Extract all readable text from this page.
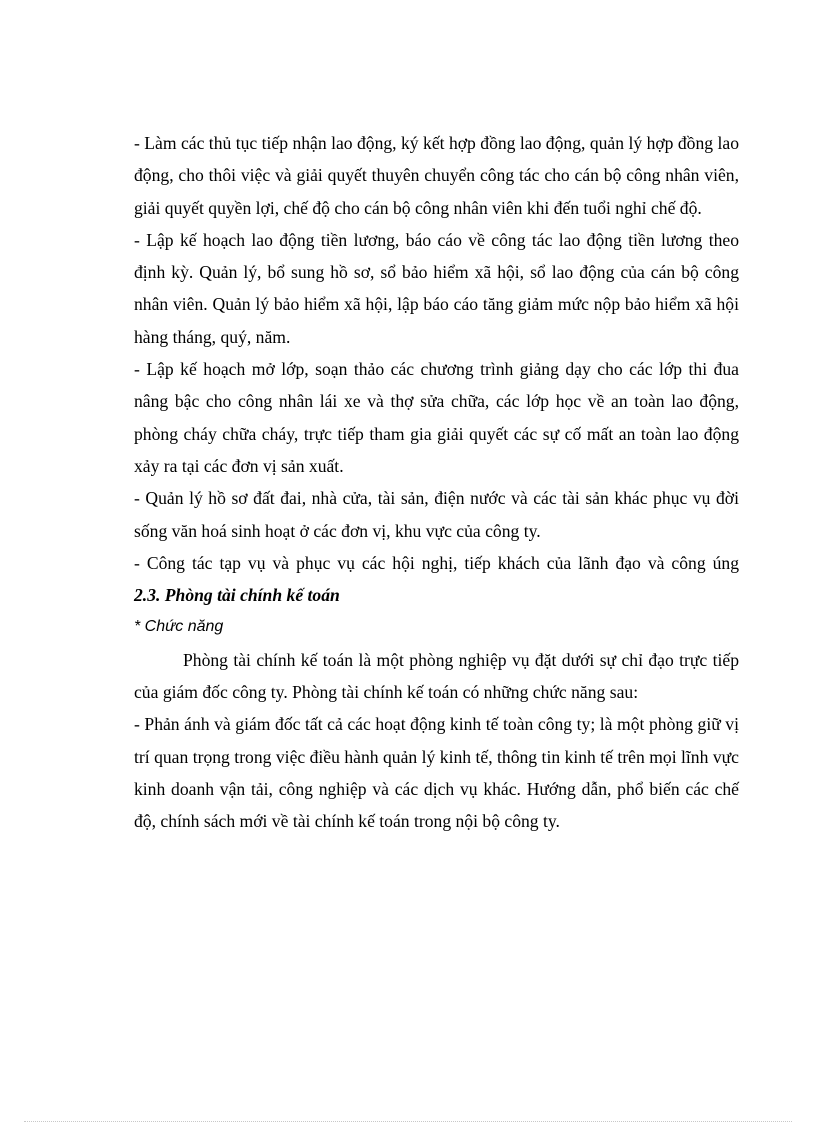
- Làm các thủ tục tiếp nhận lao động, ký kết hợp đồng lao động, quản lý hợp đồng lao động, cho thôi việc và giải quyết thuyên chuyển công tác cho cán bộ công nhân viên, giải quyết quyền lợi, chế độ cho cán bộ công nhân viên khi đến tuổi nghỉ chế độ.

- Lập kế hoạch lao động tiền lương, báo cáo về công tác lao động tiền lương theo định kỳ. Quản lý, bổ sung hồ sơ, sổ bảo hiểm xã hội, sổ lao động của cán bộ công nhân viên. Quản lý bảo hiểm xã hội, lập báo cáo tăng giảm mức nộp bảo hiểm xã hội hàng tháng, quý, năm.

- Lập kế hoạch mở lớp, soạn thảo các chương trình giảng dạy cho các lớp thi đua nâng bậc cho công nhân lái xe và thợ sửa chữa, các lớp học về an toàn lao động, phòng cháy chữa cháy, trực tiếp tham gia giải quyết các sự cố mất an toàn lao động xảy ra tại các đơn vị sản xuất.

- Quản lý hồ sơ đất đai, nhà cửa, tài sản, điện nước và các tài sản khác phục vụ đời sống văn hoá sinh hoạt ở các đơn vị, khu vực của công ty.

- Công tác tạp vụ và phục vụ các hội nghị, tiếp khách của lãnh đạo và công úng

2.3. Phòng tài chính kế toán

* Chức năng

Phòng tài chính kế toán là một phòng nghiệp vụ đặt dưới sự chỉ đạo trực tiếp của giám đốc công ty. Phòng tài chính kế toán có những chức năng sau:

- Phản ánh và giám đốc tất cả các hoạt động kinh tế toàn công ty; là một phòng giữ vị trí quan trọng trong việc điều hành quản lý kinh tế, thông tin kinh tế trên mọi lĩnh vực kinh doanh vận tải, công nghiệp và các dịch vụ khác. Hướng dẫn, phổ biến các chế độ, chính sách mới về tài chính kế toán trong nội bộ công ty.
